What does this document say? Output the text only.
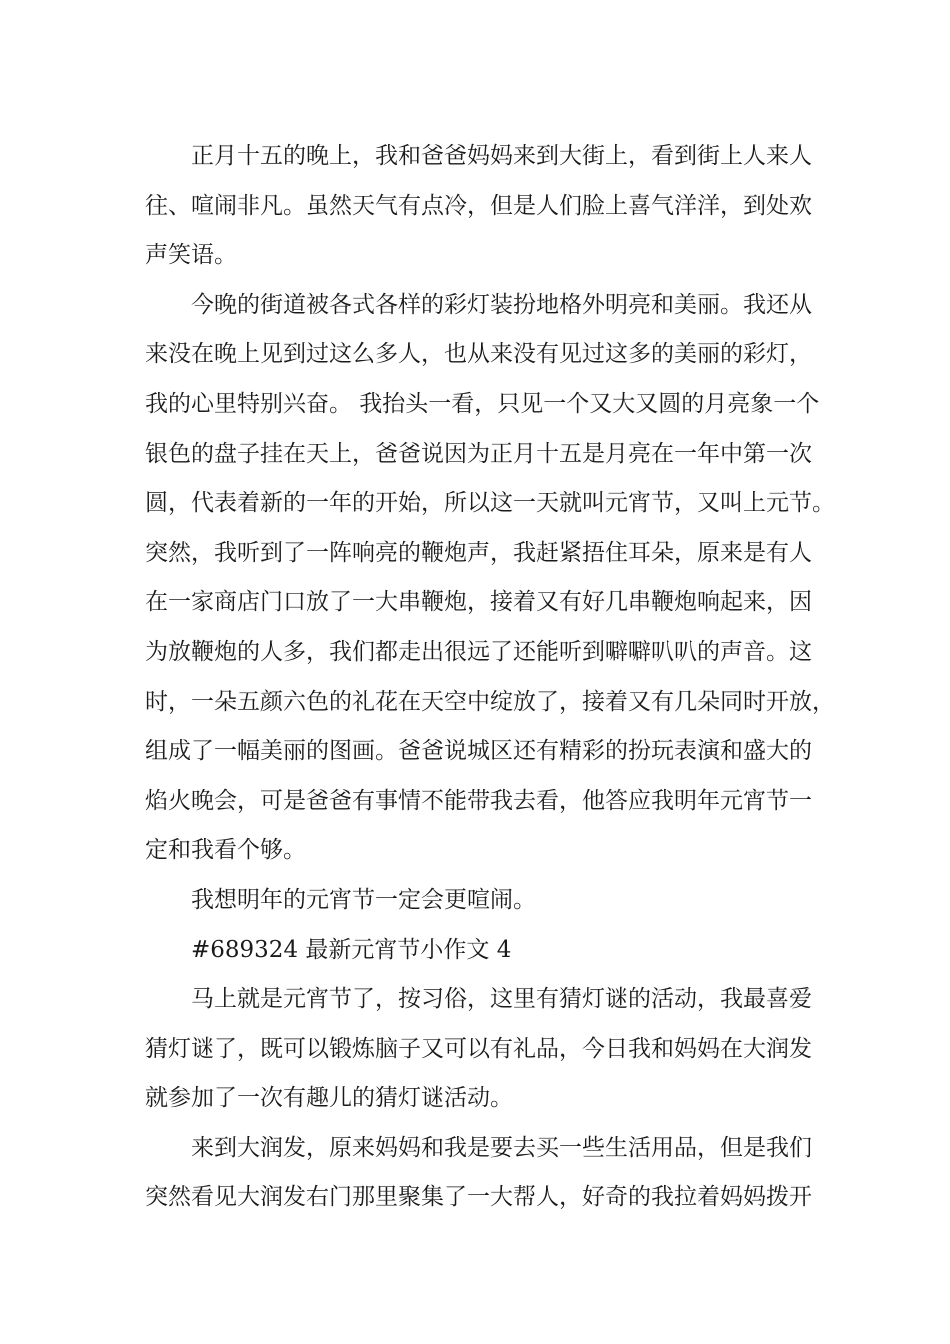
正月十五的晚上，我和爸爸妈妈来到大街上，看到街上人来人
往、喧闹非凡。虽然天气有点冷，但是人们脸上喜气洋洋，到处欢
声笑语。
今晚的街道被各式各样的彩灯装扮地格外明亮和美丽。我还从
来没在晚上见到过这么多人，也从来没有见过这多的美丽的彩灯，
我的心里特别兴奋。 我抬头一看，只见一个又大又圆的月亮象一个
银色的盘子挂在天上，爸爸说因为正月十五是月亮在一年中第一次
圆，代表着新的一年的开始，所以这一天就叫元宵节，又叫上元节。
突然，我听到了一阵响亮的鞭炮声，我赶紧捂住耳朵，原来是有人
在一家商店门口放了一大串鞭炮，接着又有好几串鞭炮响起来，因
为放鞭炮的人多，我们都走出很远了还能听到噼噼叭叭的声音。这
时，一朵五颜六色的礼花在天空中绽放了，接着又有几朵同时开放，
组成了一幅美丽的图画。爸爸说城区还有精彩的扮玩表演和盛大的
焰火晚会，可是爸爸有事情不能带我去看，他答应我明年元宵节一
定和我看个够。
我想明年的元宵节一定会更喧闹。
#689324 最新元宵节小作文 4
马上就是元宵节了，按习俗，这里有猜灯谜的活动，我最喜爱
猜灯谜了，既可以锻炼脑子又可以有礼品，今日我和妈妈在大润发
就参加了一次有趣儿的猜灯谜活动。
来到大润发，原来妈妈和我是要去买一些生活用品，但是我们
突然看见大润发右门那里聚集了一大帮人，好奇的我拉着妈妈拨开
